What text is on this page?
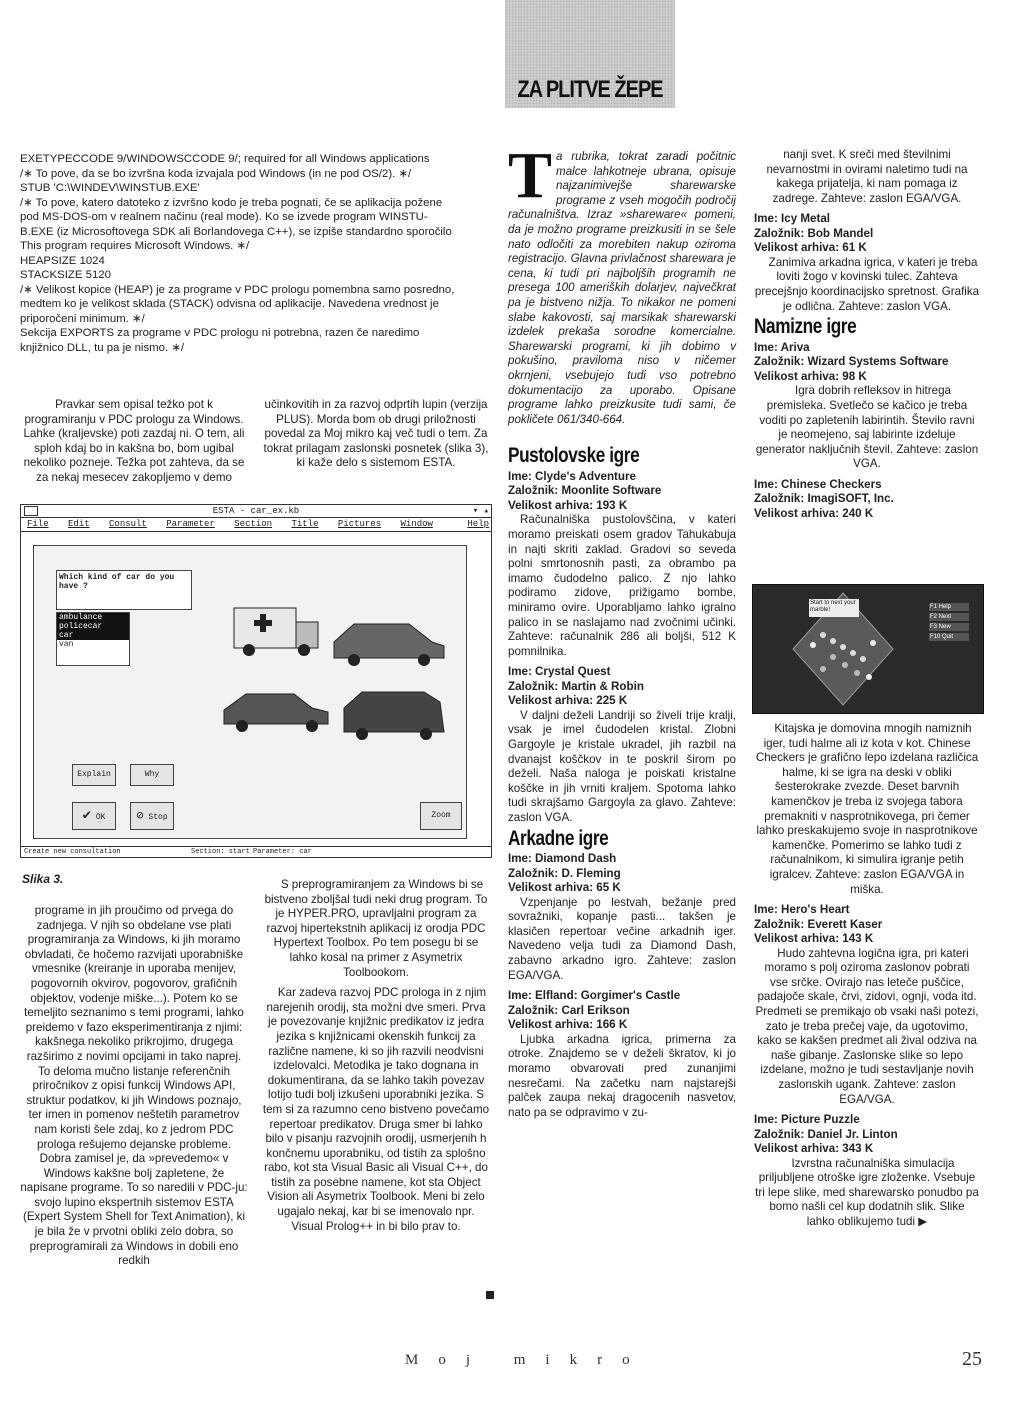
ZA PLITVE ŽEPE
EXETYPECCODE 9/WINDOWSCCODE 9/; required for all Windows applications
/∗ To pove, da se bo izvršna koda izvajala pod Windows (in ne pod OS/2). ∗/
STUB 'C:\WINDEV\WINSTUB.EXE'
/∗ To pove, katero datoteko z izvršno kodo je treba pognati, če se aplikacija požene
pod MS-DOS-om v realnem načinu (real mode). Ko se izvede program WINSTU-
B.EXE (iz Microsoftovega SDK ali Borlandovega C++), se izpiše standardno sporočilo
This program requires Microsoft Windows. ∗/
HEAPSIZE 1024
STACKSIZE 5120
/∗ Velikost kopice (HEAP) je za programe v PDC prologu pomembna samo posredno,
medtem ko je velikost sklada (STACK) odvisna od aplikacije. Navedena vrednost je
priporočeni minimum. ∗/
Sekcija EXPORTS za programe v PDC prologu ni potrebna, razen če naredimo
knjižnico DLL, tu pa je nismo. ∗/

Pravkar sem opisal težko pot k programiranju v PDC prologu za Windows. Lahke (kraljevske) poti zazdaj ni. O tem, ali sploh kdaj bo in kakšna bo, bom ugibal nekoliko pozneje. Težka pot zahteva, da se za nekaj mesecev zakopljemo v demo

učinkovitih in za razvoj odprtih lupin (verzija PLUS). Morda bom ob drugi priložnosti povedal za Moj mikro kaj več tudi o tem. Za tokrat prilagam zaslonski posnetek (slika 3), ki kaže delo s sistemom ESTA.

ESTA - car_ex.kb	▾ ▴
File Edit Consult Parameter Section Title Pictures Window	Help
Which kind of car do you have ?
ambulance
policecar
car
van
Explain	Why
✔ OK	⊘ Stop	Zoom
Create new consultation	Section: start Parameter: car
Slika 3.

programe in jih proučimo od prvega do zadnjega. V njih so obdelane vse plati programiranja za Windows, ki jih moramo obvladati, če hočemo razvijati uporabniške vmesnike (kreiranje in uporaba menijev, pogovornih okvirov, pogovorov, grafičnih objektov, vodenje miške...). Potem ko se temeljito seznanimo s temi programi, lahko preidemo v fazo eksperimentiranja z njimi: kakšnega nekoliko prikrojimo, drugega razširimo z novimi opcijami in tako naprej. To deloma mučno listanje referenčnih priročnikov z opisi funkcij Windows API, struktur podatkov, ki jih Windows poznajo, ter imen in pomenov neštetih parametrov nam koristi šele zdaj, ko z jedrom PDC prologa rešujemo dejanske probleme. Dobra zamisel je, da »prevedemo« v Windows kakšne bolj zapletene, že napisane programe. To so naredili v PDC-ju: svojo lupino ekspertnih sistemov ESTA (Expert System Shell for Text Animation), ki je bila že v prvotni obliki zelo dobra, so preprogramirali za Windows in dobili eno redkih

S preprogramiranjem za Windows bi se bistveno zboljšal tudi neki drug program. To je HYPER.PRO, upravljalni program za razvoj hipertekstnih aplikacij iz orodja PDC Hypertext Toolbox. Po tem posegu bi se lahko kosal na primer z Asymetrix Toolbookom.

Kar zadeva razvoj PDC prologa in z njim narejenih orodij, sta možni dve smeri. Prva je povezovanje knjižnic predikatov iz jedra jezika s knjižnicami okenskih funkcij za različne namene, ki so jih razvili neodvisni izdelovalci. Metodika je tako dognana in dokumentirana, da se lahko takih povezav lotijo tudi bolj izkušeni uporabniki jezika. S tem si za razumno ceno bistveno povečamo repertoar predikatov. Druga smer bi lahko bilo v pisanju razvojnih orodij, usmerjenih h končnemu uporabniku, od tistih za splošno rabo, kot sta Visual Basic ali Visual C++, do tistih za posebne namene, kot sta Object Vision ali Asymetrix Toolbook. Meni bi zelo ugajalo nekaj, kar bi se imenovalo npr. Visual Prolog++ in bi bilo prav to.

T a rubrika, tokrat zaradi počitnic malce lahkotneje ubrana, opisuje najzanimivejše sharewarske programe z vseh mogočih področij računalništva. Izraz »shareware« pomeni, da je možno programe preizkusiti in se šele nato odločiti za morebiten nakup oziroma registracijo. Glavna privlačnost sharewara je cena, ki tudi pri najboljših programih ne presega 100 ameriških dolarjev, največkrat pa je bistveno nižja. To nikakor ne pomeni slabe kakovosti, saj marsikak sharewarski izdelek prekaša sorodne komercialne. Sharewarski programi, ki jih dobimo v pokušino, praviloma niso v ničemer okrnjeni, vsebujejo tudi vso potrebno dokumentacijo za uporabo. Opisane programe lahko preizkusite tudi sami, če pokličete 061/340-664.
Pustolovske igre
Ime: Clyde's Adventure
Založnik: Moonlite Software
Velikost arhiva: 193 K

Računalniška pustolovščina, v kateri moramo preiskati osem gradov Tahukabuja in najti skriti zaklad. Gradovi so seveda polni smrtonosnih pasti, za obrambo pa imamo čudodelno palico. Z njo lahko podiramo zidove, prižigamo bombe, miniramo ovire. Uporabljamo lahko igralno palico in se naslajamo nad zvočnimi učinki. Zahteve: računalnik 286 ali boljši, 512 K pomnilnika.

Ime: Crystal Quest
Založnik: Martin & Robin
Velikost arhiva: 225 K

V daljni deželi Landriji so živeli trije kralji, vsak je imel čudodelen kristal. Zlobni Gargoyle je kristale ukradel, jih razbil na dvanajst koščkov in te poskril širom po deželi. Naša naloga je poiskati kristalne koščke in jih vrniti kraljem. Spotoma lahko tudi skrajšamo Gargoyla za glavo. Zahteve: zaslon VGA.

Arkadne igre
Ime: Diamond Dash
Založnik: D. Fleming
Velikost arhiva: 65 K

Vzpenjanje po lestvah, bežanje pred sovražniki, kopanje pasti... takšen je klasičen repertoar večine arkadnih iger. Navedeno velja tudi za Diamond Dash, zabavno arkadno igro. Zahteve: zaslon EGA/VGA.

Ime: Elfland: Gorgimer's Castle
Založnik: Carl Erikson
Velikost arhiva: 166 K

Ljubka arkadna igrica, primerna za otroke. Znajdemo se v deželi škratov, ki jo moramo obvarovati pred zunanjimi nesrečami. Na začetku nam najstarejši palček zaupa nekaj dragocenih nasvetov, nato pa se odpravimo v zu-

nanji svet. K sreči med številnimi nevarnostmi in ovirami naletimo tudi na kakega prijatelja, ki nam pomaga iz zadrege. Zahteve: zaslon EGA/VGA.

Ime: Icy Metal
Založnik: Bob Mandel
Velikost arhiva: 61 K

Zanimiva arkadna igrica, v kateri je treba loviti žogo v kovinski tulec. Zahteva precejšnjo koordinacijsko spretnost. Grafika je odlična. Zahteve: zaslon VGA.

Namizne igre
Ime: Ariva
Založnik: Wizard Systems Software
Velikost arhiva: 98 K

Igra dobrih refleksov in hitrega premisleka. Svetlečo se kačico je treba voditi po zapletenih labirintih. Število ravni je neomejeno, saj labirinte izdeluje generator naključnih števil. Zahteve: zaslon VGA.

Ime: Chinese Checkers
Založnik: ImagiSOFT, Inc.
Velikost arhiva: 240 K
Start to next your marble!	F1 Help
F2 Next
F3 New
F10 Quit

Kitajska je domovina mnogih namiznih iger, tudi halme ali iz kota v kot. Chinese Checkers je grafično lepo izdelana različica halme, ki se igra na deski v obliki šesterokrake zvezde. Deset barvnih kamenčkov je treba iz svojega tabora premakniti v nasprotnikovega, pri čemer lahko preskakujemo svoje in nasprotnikove kamenčke. Pomerimo se lahko tudi z računalnikom, ki simulira igranje petih igralcev. Zahteve: zaslon EGA/VGA in miška.

Ime: Hero's Heart
Založnik: Everett Kaser
Velikost arhiva: 143 K

Hudo zahtevna logična igra, pri kateri moramo s polj oziroma zaslonov pobrati vse srčke. Ovirajo nas leteče puščice, padajoče skale, črvi, zidovi, ognji, voda itd. Predmeti se premikajo ob vsaki naši potezi, zato je treba prečej vaje, da ugotovimo, kako se kakšen predmet ali žival odziva na naše gibanje. Zaslonske slike so lepo izdelane, možno je tudi sestavljanje novih zaslonskih ugank. Zahteve: zaslon EGA/VGA.

Ime: Picture Puzzle
Založnik: Daniel Jr. Linton
Velikost arhiva: 343 K

Izvrstna računalniška simulacija priljubljene otroške igre zloženke. Vsebuje tri lepe slike, med sharewarsko ponudbo pa bomo našli cel kup dodatnih slik. Slike lahko oblikujemo tudi ▶

Moj mikro	25
